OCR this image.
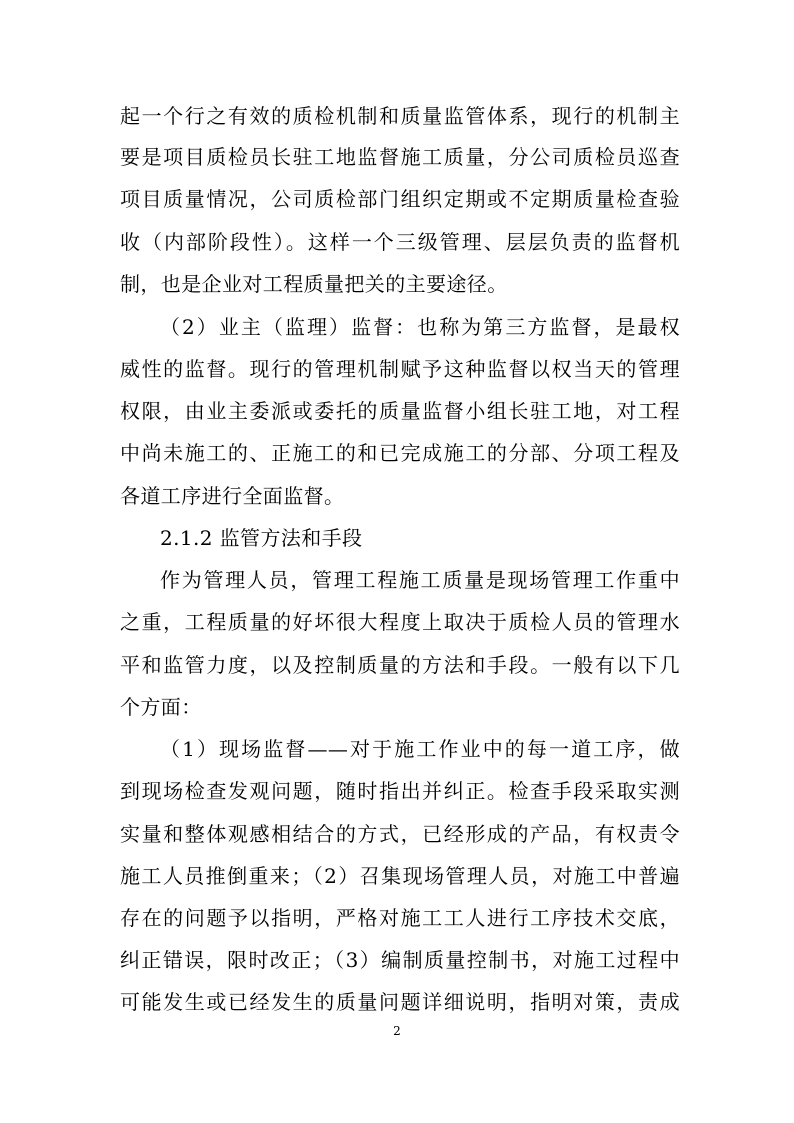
起一个行之有效的质检机制和质量监管体系，现行的机制主
要是项目质检员长驻工地监督施工质量，分公司质检员巡查
项目质量情况，公司质检部门组织定期或不定期质量检查验
收（内部阶段性）。这样一个三级管理、层层负责的监督机
制，也是企业对工程质量把关的主要途径。
（2）业主（监理）监督：也称为第三方监督，是最权
威性的监督。现行的管理机制赋予这种监督以权当天的管理
权限，由业主委派或委托的质量监督小组长驻工地，对工程
中尚未施工的、正施工的和已完成施工的分部、分项工程及
各道工序进行全面监督。
2.1.2 监管方法和手段
作为管理人员，管理工程施工质量是现场管理工作重中
之重，工程质量的好坏很大程度上取决于质检人员的管理水
平和监管力度，以及控制质量的方法和手段。一般有以下几
个方面：
（1）现场监督——对于施工作业中的每一道工序，做
到现场检查发观问题，随时指出并纠正。检查手段采取实测
实量和整体观感相结合的方式，已经形成的产品，有权责令
施工人员推倒重来；（2）召集现场管理人员，对施工中普遍
存在的问题予以指明，严格对施工工人进行工序技术交底，
纠正错误，限时改正；（3）编制质量控制书，对施工过程中
可能发生或已经发生的质量问题详细说明，指明对策，责成
2
